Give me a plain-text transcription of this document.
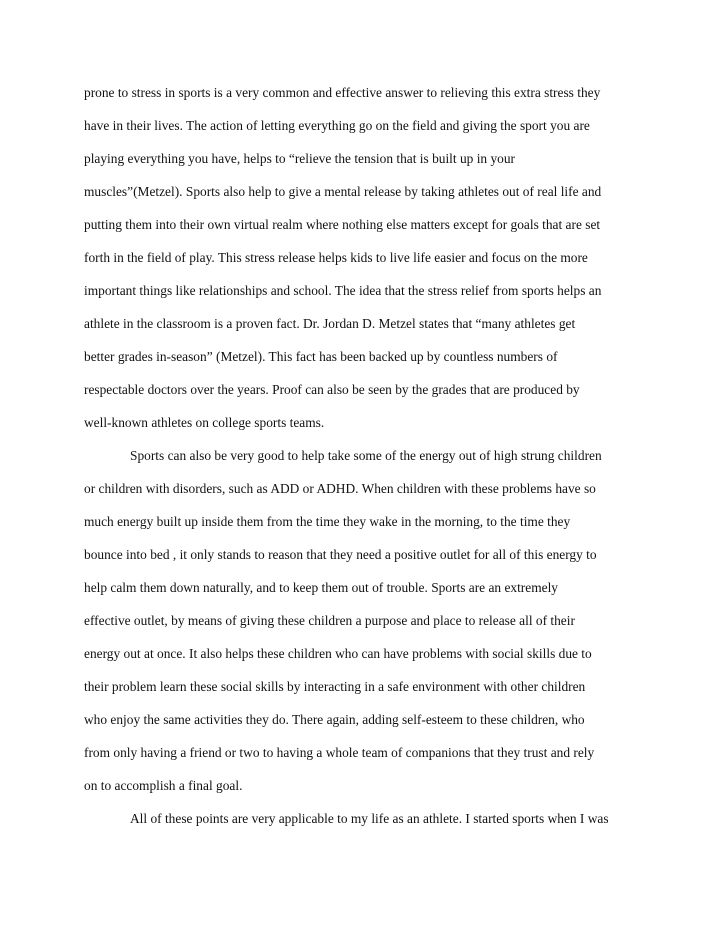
prone to stress in sports is a very common and effective answer to relieving this extra stress they
have in their lives. The action of letting everything go on the field and giving the sport you are
playing everything you have, helps to “relieve the tension that is built up in your
muscles”(Metzel). Sports also help to give a mental release by taking athletes out of real life and
putting them into their own virtual realm where nothing else matters except for goals that are set
forth in the field of play. This stress release helps kids to live life easier and focus on the more
important things like relationships and school. The idea that the stress relief from sports helps an
athlete in the classroom is a proven fact. Dr. Jordan D. Metzel states that “many athletes get
better grades in-season” (Metzel). This fact has been backed up by countless numbers of
respectable doctors over the years. Proof can also be seen by the grades that are produced by
well-known athletes on college sports teams.
Sports can also be very good to help take some of the energy out of high strung children
or children with disorders, such as ADD or ADHD. When children with these problems have so
much energy built up inside them from the time they wake in the morning, to the time they
bounce into bed , it only stands to reason that they need a positive outlet for all of this energy to
help calm them down naturally, and to keep them out of trouble. Sports are an extremely
effective outlet, by means of giving these children a purpose and place to release all of their
energy out at once. It also helps these children who can have problems with social skills due to
their problem learn these social skills by interacting in a safe environment with other children
who enjoy the same activities they do. There again, adding self-esteem to these children, who
from only having a friend or two to having a whole team of companions that they trust and rely
on to accomplish a final goal.
All of these points are very applicable to my life as an athlete. I started sports when I was
